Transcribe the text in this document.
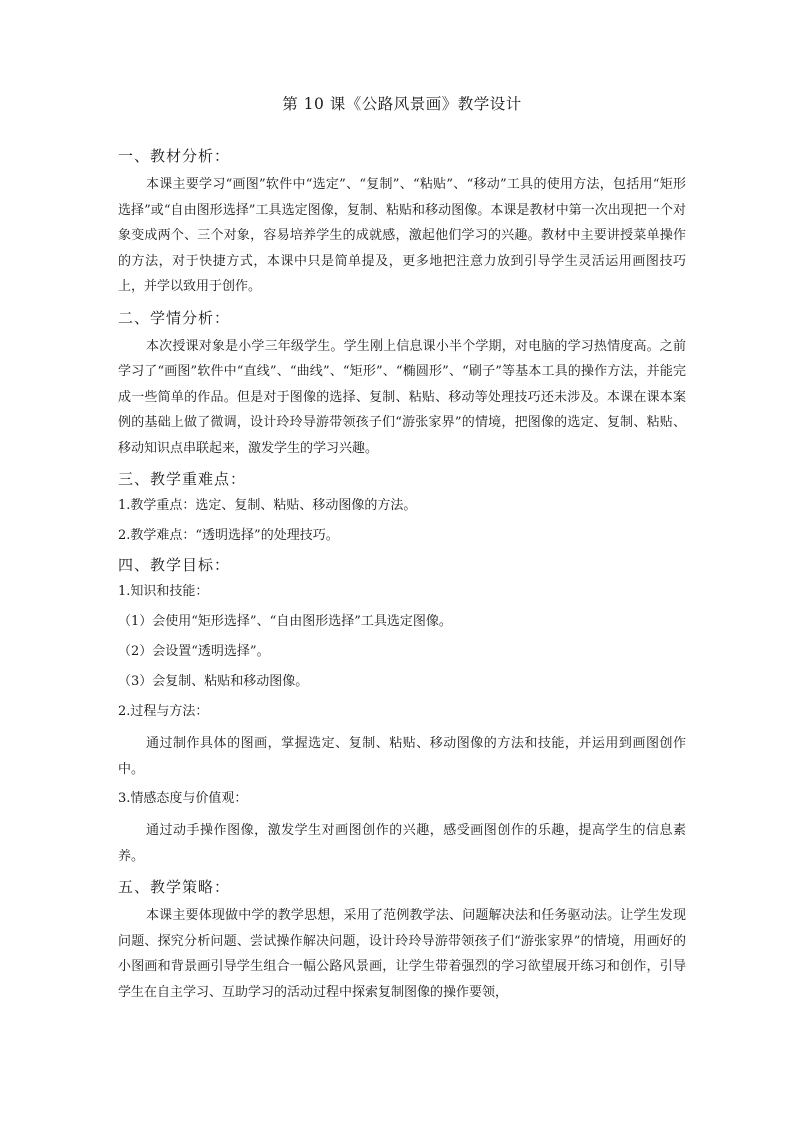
第 10 课《公路风景画》教学设计
一、教材分析：

本课主要学习“画图”软件中“选定”、“复制”、“粘贴”、“移动”工具的使用方法，包括用“矩形选择”或“自由图形选择”工具选定图像，复制、粘贴和移动图像。本课是教材中第一次出现把一个对象变成两个、三个对象，容易培养学生的成就感，激起他们学习的兴趣。教材中主要讲授菜单操作的方法，对于快捷方式，本课中只是简单提及，更多地把注意力放到引导学生灵活运用画图技巧上，并学以致用于创作。

二、学情分析：

本次授课对象是小学三年级学生。学生刚上信息课小半个学期，对电脑的学习热情度高。之前学习了“画图”软件中“直线”、“曲线”、“矩形”、“椭圆形”、“刷子”等基本工具的操作方法，并能完成一些简单的作品。但是对于图像的选择、复制、粘贴、移动等处理技巧还未涉及。本课在课本案例的基础上做了微调，设计玲玲导游带领孩子们“游张家界”的情境，把图像的选定、复制、粘贴、移动知识点串联起来，激发学生的学习兴趣。

三、教学重难点：
1.教学重点：选定、复制、粘贴、移动图像的方法。
2.教学难点：“透明选择”的处理技巧。
四、教学目标：
1.知识和技能：
（1）会使用“矩形选择”、“自由图形选择”工具选定图像。
（2）会设置“透明选择”。
（3）会复制、粘贴和移动图像。
2.过程与方法：

通过制作具体的图画，掌握选定、复制、粘贴、移动图像的方法和技能，并运用到画图创作中。

3.情感态度与价值观：

通过动手操作图像，激发学生对画图创作的兴趣，感受画图创作的乐趣，提高学生的信息素养。

五、教学策略：

本课主要体现做中学的教学思想，采用了范例教学法、问题解决法和任务驱动法。让学生发现问题、探究分析问题、尝试操作解决问题，设计玲玲导游带领孩子们“游张家界”的情境，用画好的小图画和背景画引导学生组合一幅公路风景画，让学生带着强烈的学习欲望展开练习和创作，引导学生在自主学习、互助学习的活动过程中探索复制图像的操作要领，
